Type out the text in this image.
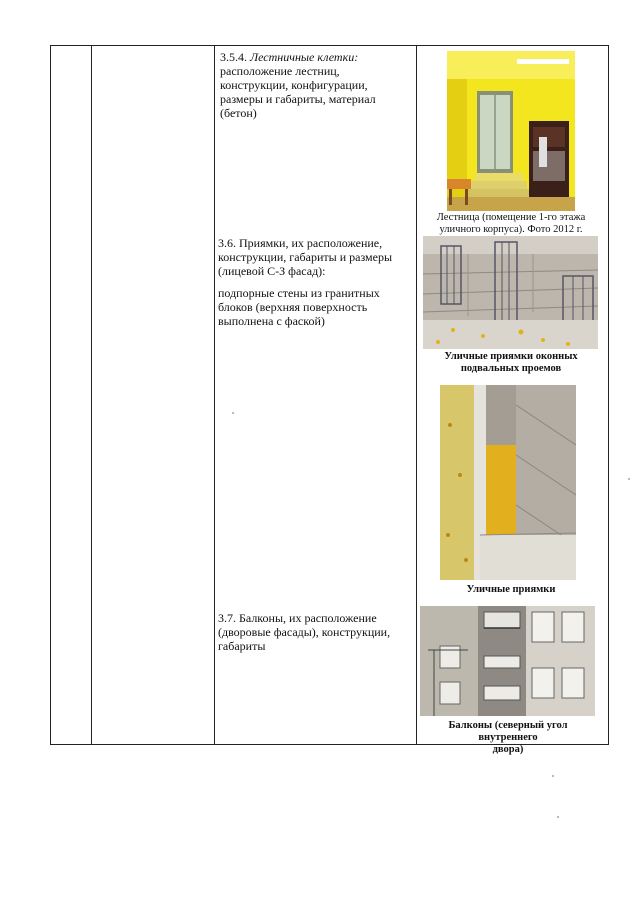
3.5.4. Лестничные клетки:

расположение лестниц,

конструкции, конфигурации,

размеры и габариты, материал

(бетон)

3.6. Приямки, их расположение,

конструкции, габариты и размеры

(лицевой С-З фасад):

подпорные стены из гранитных

блоков (верхняя поверхность

выполнена с фаской)

3.7. Балконы, их расположение

(дворовые фасады), конструкции,

габариты

Лестница (помещение 1-го этажа
уличного корпуса). Фото 2012 г.
Уличные приямки оконных
подвальных проемов
Уличные приямки
Балконы (северный угол внутреннего
двора)
